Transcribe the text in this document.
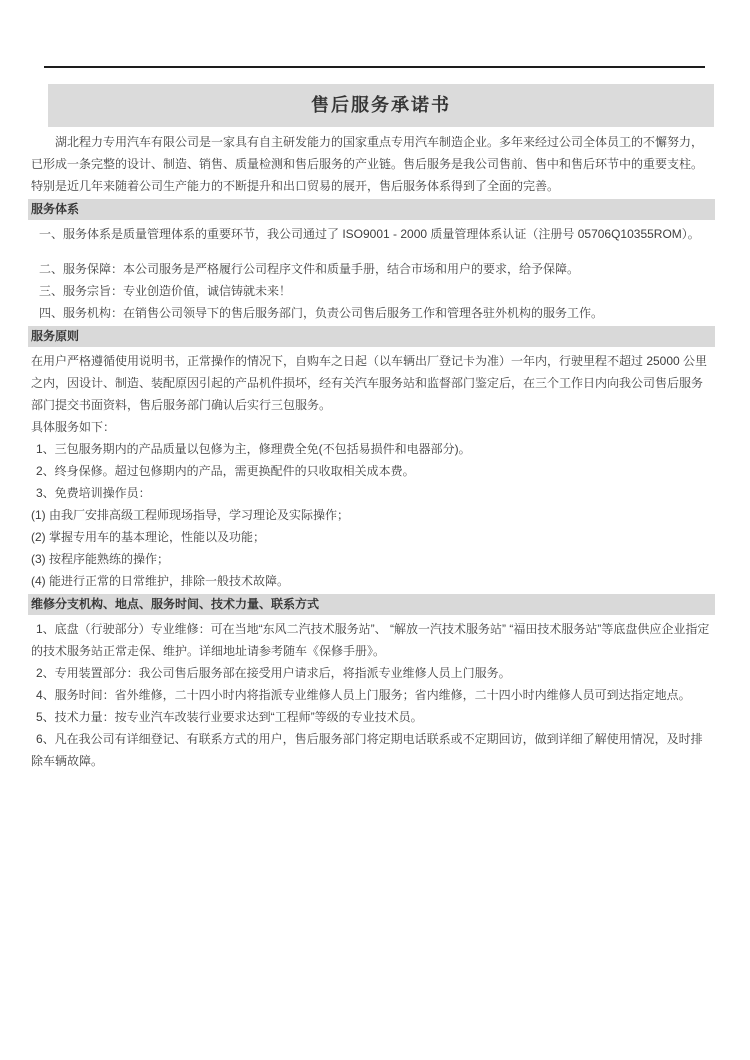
售后服务承诺书

湖北程力专用汽车有限公司是一家具有自主研发能力的国家重点专用汽车制造企业。多年来经过公司全体员工的不懈努力，已形成一条完整的设计、制造、销售、质量检测和售后服务的产业链。售后服务是我公司售前、售中和售后环节中的重要支柱。特别是近几年来随着公司生产能力的不断提升和出口贸易的展开，售后服务体系得到了全面的完善。

服务体系

一、服务体系是质量管理体系的重要环节，我公司通过了 ISO9001 - 2000 质量管理体系认证（注册号 05706Q10355ROM）。

二、服务保障：本公司服务是严格履行公司程序文件和质量手册，结合市场和用户的要求，给予保障。

三、服务宗旨：专业创造价值，诚信铸就未来！

四、服务机构：在销售公司领导下的售后服务部门，负责公司售后服务工作和管理各驻外机构的服务工作。

服务原则

在用户严格遵循使用说明书，正常操作的情况下，自购车之日起（以车辆出厂登记卡为准）一年内，行驶里程不超过 25000 公里之内，因设计、制造、装配原因引起的产品机件损坏，经有关汽车服务站和监督部门鉴定后，在三个工作日内向我公司售后服务部门提交书面资料，售后服务部门确认后实行三包服务。

具体服务如下：

1、三包服务期内的产品质量以包修为主，修理费全免(不包括易损件和电器部分)。

2、终身保修。超过包修期内的产品，需更换配件的只收取相关成本费。

3、免费培训操作员：

(1) 由我厂安排高级工程师现场指导，学习理论及实际操作；

(2) 掌握专用车的基本理论，性能以及功能；

(3) 按程序能熟练的操作；

(4) 能进行正常的日常维护，排除一般技术故障。

维修分支机构、地点、服务时间、技术力量、联系方式

1、底盘（行驶部分）专业维修：可在当地“东风二汽技术服务站”、 “解放一汽技术服务站” “福田技术服务站”等底盘供应企业指定的技术服务站正常走保、维护。详细地址请参考随车《保修手册》。

2、专用装置部分：我公司售后服务部在接受用户请求后，将指派专业维修人员上门服务。

4、服务时间：省外维修，二十四小时内将指派专业维修人员上门服务；省内维修，二十四小时内维修人员可到达指定地点。

5、技术力量：按专业汽车改装行业要求达到“工程师”等级的专业技术员。

6、凡在我公司有详细登记、有联系方式的用户，售后服务部门将定期电话联系或不定期回访，做到详细了解使用情况，及时排除车辆故障。
